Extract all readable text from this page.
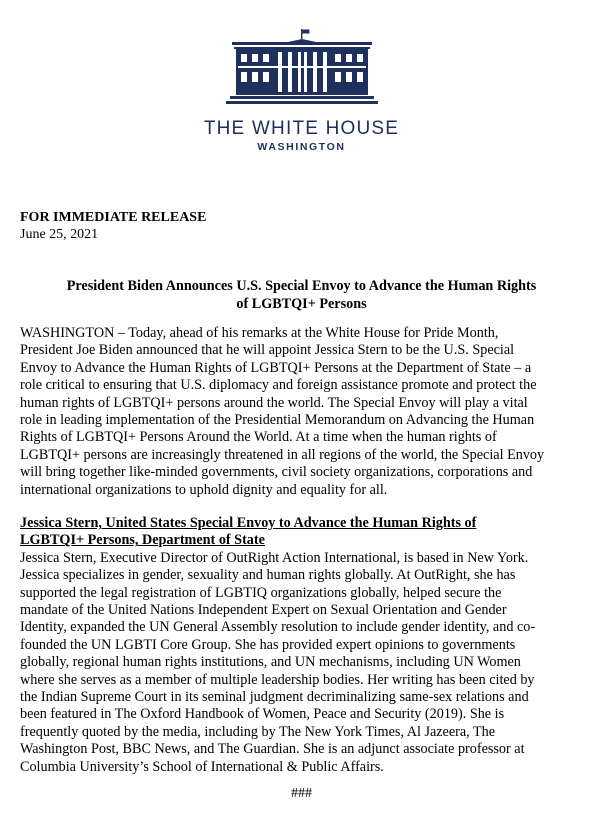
THE WHITE HOUSE
WASHINGTON
FOR IMMEDIATE RELEASE
June 25, 2021
President Biden Announces U.S. Special Envoy to Advance the Human Rights
of LGBTQI+ Persons
WASHINGTON – Today, ahead of his remarks at the White House for Pride Month,
President Joe Biden announced that he will appoint Jessica Stern to be the U.S. Special
Envoy to Advance the Human Rights of LGBTQI+ Persons at the Department of State – a
role critical to ensuring that U.S. diplomacy and foreign assistance promote and protect the
human rights of LGBTQI+ persons around the world. The Special Envoy will play a vital
role in leading implementation of the Presidential Memorandum on Advancing the Human
Rights of LGBTQI+ Persons Around the World. At a time when the human rights of
LGBTQI+ persons are increasingly threatened in all regions of the world, the Special Envoy
will bring together like-minded governments, civil society organizations, corporations and
international organizations to uphold dignity and equality for all.
Jessica Stern, United States Special Envoy to Advance the Human Rights of
LGBTQI+ Persons, Department of State
Jessica Stern, Executive Director of OutRight Action International, is based in New York.
Jessica specializes in gender, sexuality and human rights globally. At OutRight, she has
supported the legal registration of LGBTIQ organizations globally, helped secure the
mandate of the United Nations Independent Expert on Sexual Orientation and Gender
Identity, expanded the UN General Assembly resolution to include gender identity, and co-
founded the UN LGBTI Core Group. She has provided expert opinions to governments
globally, regional human rights institutions, and UN mechanisms, including UN Women
where she serves as a member of multiple leadership bodies. Her writing has been cited by
the Indian Supreme Court in its seminal judgment decriminalizing same-sex relations and
been featured in The Oxford Handbook of Women, Peace and Security (2019). She is
frequently quoted by the media, including by The New York Times, Al Jazeera, The
Washington Post, BBC News, and The Guardian. She is an adjunct associate professor at
Columbia University’s School of International & Public Affairs.
###
